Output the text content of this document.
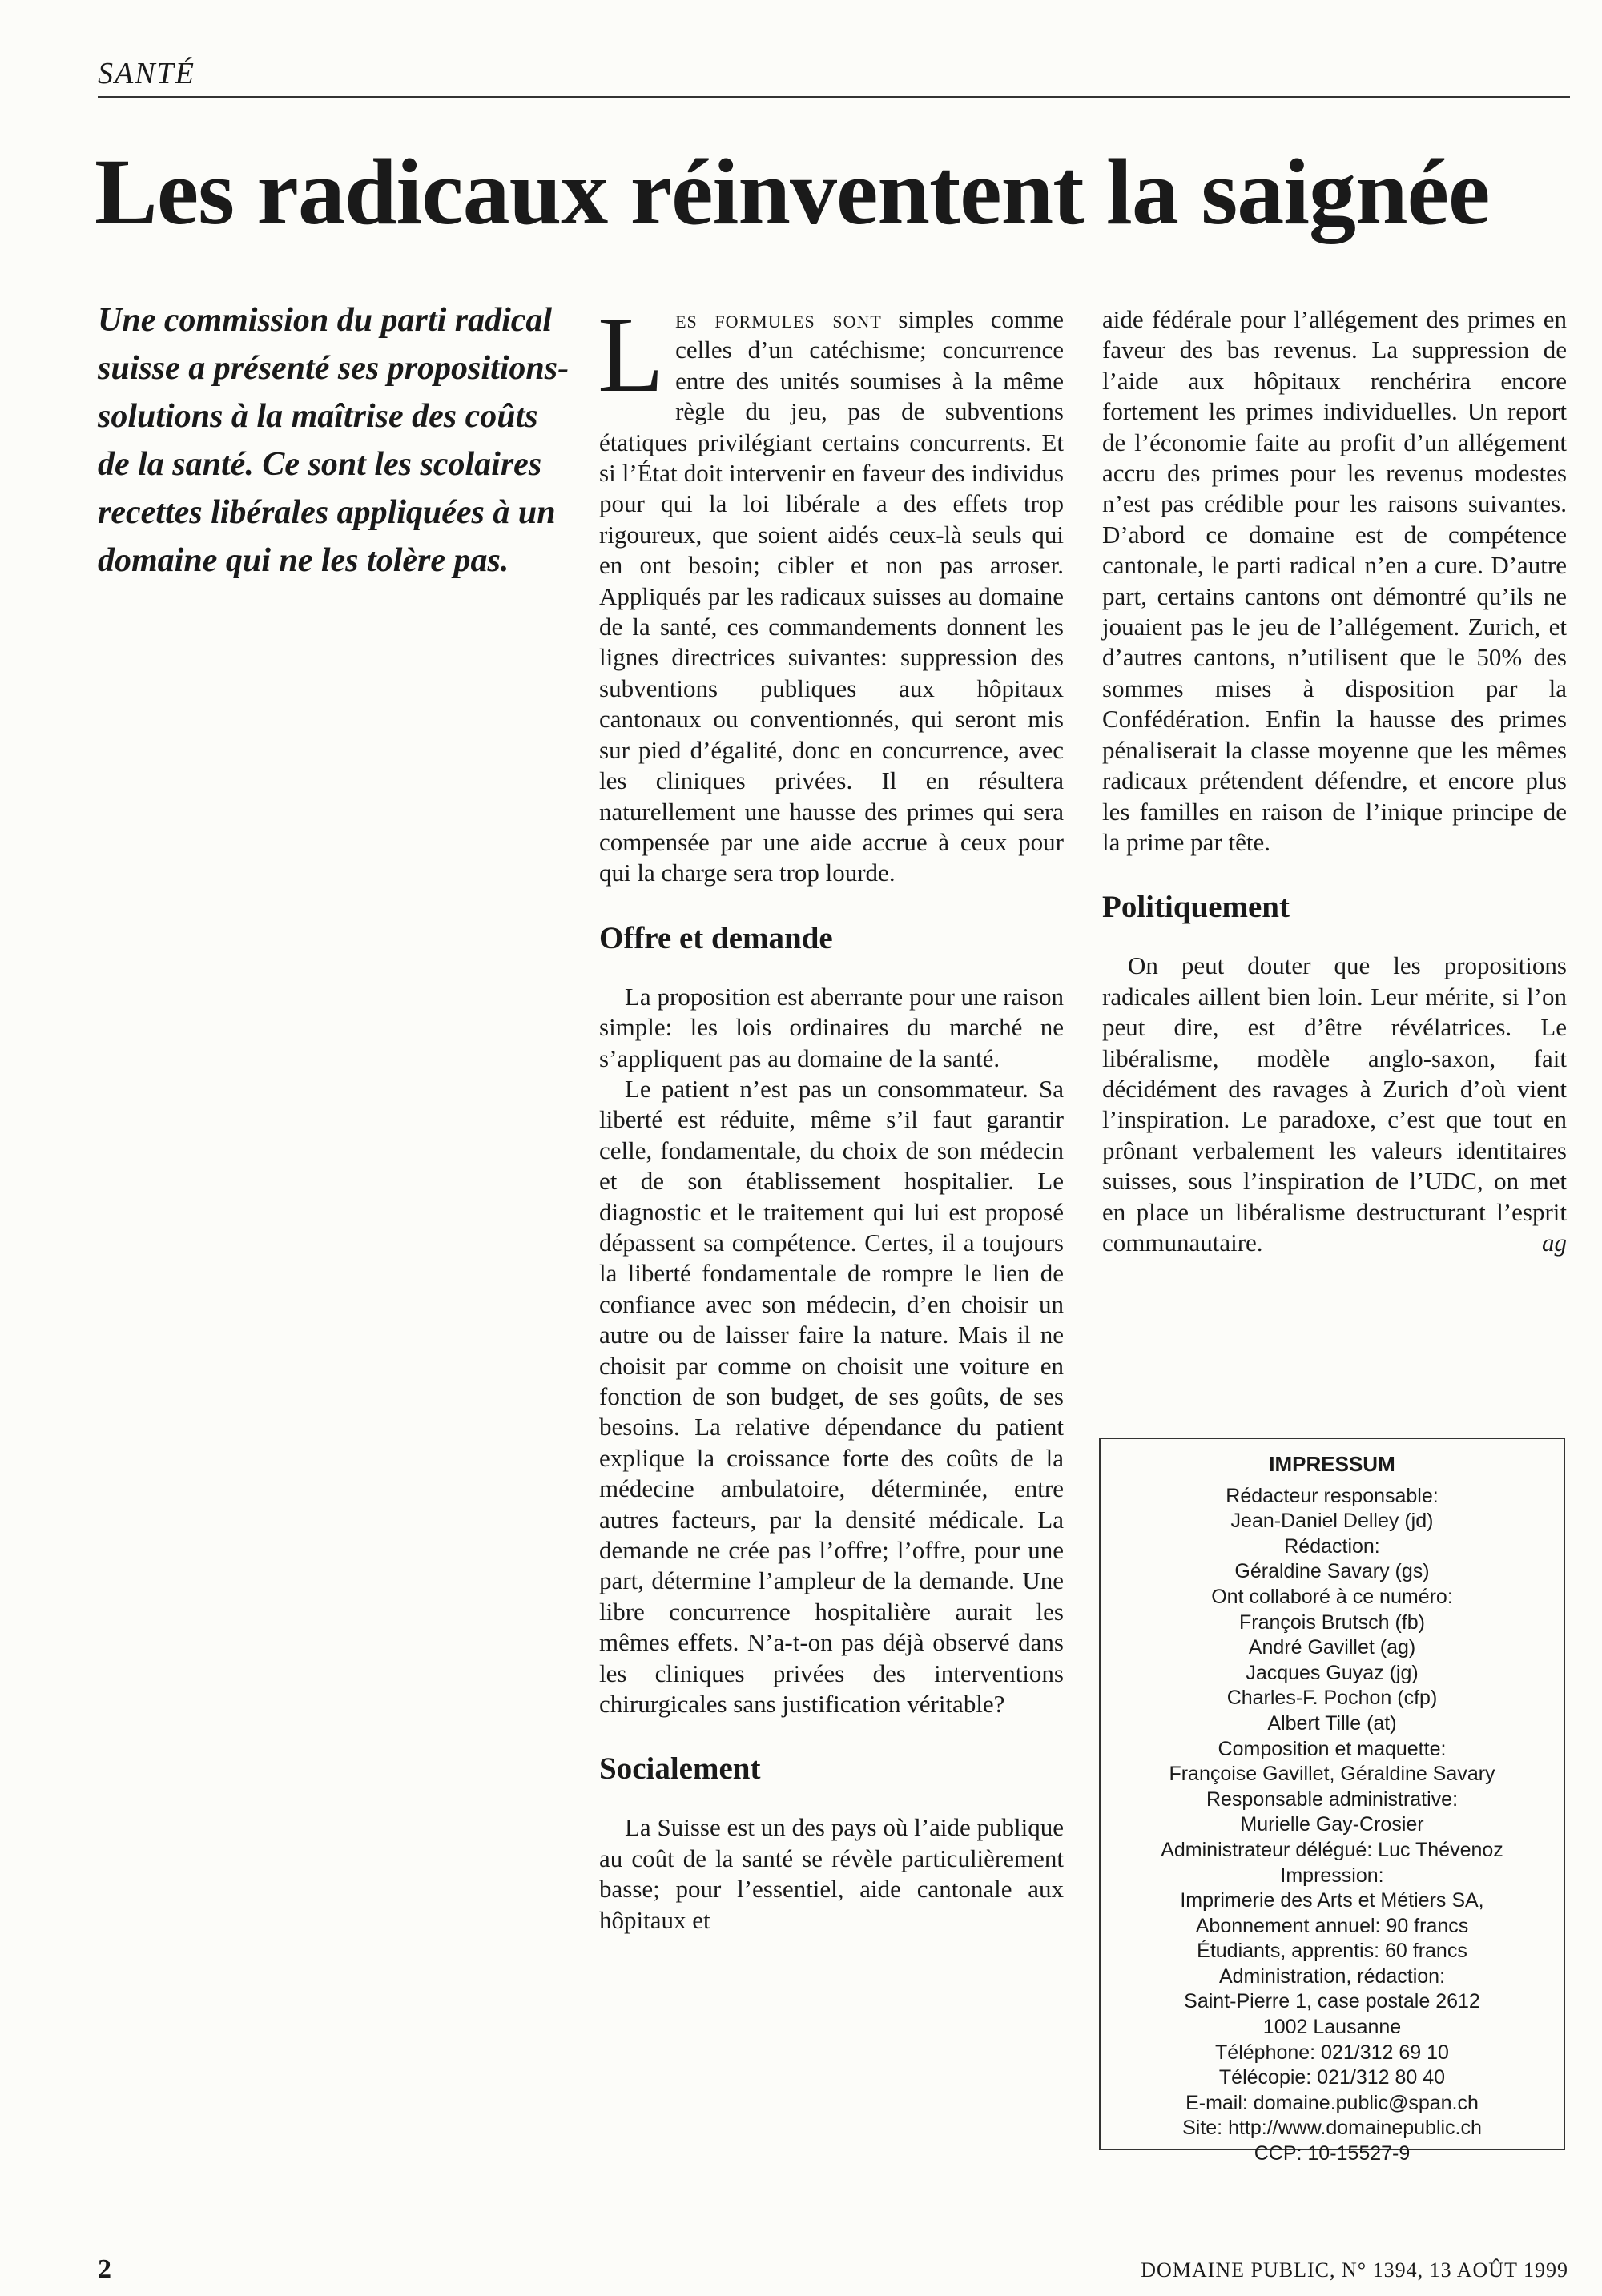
SANTÉ
Les radicaux réinventent la saignée
Une commission du parti radical suisse a présenté ses propositions-solutions à la maîtrise des coûts de la santé. Ce sont les scolaires recettes libérales appliquées à un domaine qui ne les tolère pas.

Les formules sont simples comme celles d’un catéchisme; concurrence entre des unités soumises à la même règle du jeu, pas de subventions étatiques privilégiant certains concurrents. Et si l’État doit intervenir en faveur des individus pour qui la loi libérale a des effets trop rigoureux, que soient aidés ceux-là seuls qui en ont besoin; cibler et non pas arroser. Appliqués par les radicaux suisses au domaine de la santé, ces commandements donnent les lignes directrices suivantes: suppression des subventions publiques aux hôpitaux cantonaux ou conventionnés, qui seront mis sur pied d’égalité, donc en concurrence, avec les cliniques privées. Il en résultera naturellement une hausse des primes qui sera compensée par une aide accrue à ceux pour qui la charge sera trop lourde.

Offre et demande

La proposition est aberrante pour une raison simple: les lois ordinaires du marché ne s’appliquent pas au domaine de la santé.

Le patient n’est pas un consommateur. Sa liberté est réduite, même s’il faut garantir celle, fondamentale, du choix de son médecin et de son établissement hospitalier. Le diagnostic et le traitement qui lui est proposé dépassent sa compétence. Certes, il a toujours la liberté fondamentale de rompre le lien de confiance avec son médecin, d’en choisir un autre ou de laisser faire la nature. Mais il ne choisit par comme on choisit une voiture en fonction de son budget, de ses goûts, de ses besoins. La relative dépendance du patient explique la croissance forte des coûts de la médecine ambulatoire, déterminée, entre autres facteurs, par la densité médicale. La demande ne crée pas l’offre; l’offre, pour une part, détermine l’ampleur de la demande. Une libre concurrence hospitalière aurait les mêmes effets. N’a-t-on pas déjà observé dans les cliniques privées des interventions chirurgicales sans justification véritable?

Socialement

La Suisse est un des pays où l’aide publique au coût de la santé se révèle particulièrement basse; pour l’essentiel, aide cantonale aux hôpitaux et

aide fédérale pour l’allégement des primes en faveur des bas revenus. La suppression de l’aide aux hôpitaux renchérira encore fortement les primes individuelles. Un report de l’économie faite au profit d’un allégement accru des primes pour les revenus modestes n’est pas crédible pour les raisons suivantes. D’abord ce domaine est de compétence cantonale, le parti radical n’en a cure. D’autre part, certains cantons ont démontré qu’ils ne jouaient pas le jeu de l’allégement. Zurich, et d’autres cantons, n’utilisent que le 50% des sommes mises à disposition par la Confédération. Enfin la hausse des primes pénaliserait la classe moyenne que les mêmes radicaux prétendent défendre, et encore plus les familles en raison de l’inique principe de la prime par tête.

Politiquement

On peut douter que les propositions radicales aillent bien loin. Leur mérite, si l’on peut dire, est d’être révélatrices. Le libéralisme, modèle anglo-saxon, fait décidément des ravages à Zurich d’où vient l’inspiration. Le paradoxe, c’est que tout en prônant verbalement les valeurs identitaires suisses, sous l’inspiration de l’UDC, on met en place un libéralisme destructurant l’esprit communautaire.	ag

IMPRESSUM
Rédacteur responsable:
Jean-Daniel Delley (jd)
Rédaction:
Géraldine Savary (gs)
Ont collaboré à ce numéro:
François Brutsch (fb)
André Gavillet (ag)
Jacques Guyaz (jg)
Charles-F. Pochon (cfp)
Albert Tille (at)
Composition et maquette:
Françoise Gavillet, Géraldine Savary
Responsable administrative:
Murielle Gay-Crosier
Administrateur délégué: Luc Thévenoz
Impression:
Imprimerie des Arts et Métiers SA,
Abonnement annuel: 90 francs
Étudiants, apprentis: 60 francs
Administration, rédaction:
Saint-Pierre 1, case postale 2612
1002 Lausanne
Téléphone: 021/312 69 10
Télécopie: 021/312 80 40
E-mail: domaine.public@span.ch
Site: http://www.domainepublic.ch
CCP: 10-15527-9
2	DOMAINE PUBLIC, N° 1394, 13 AOÛT 1999
